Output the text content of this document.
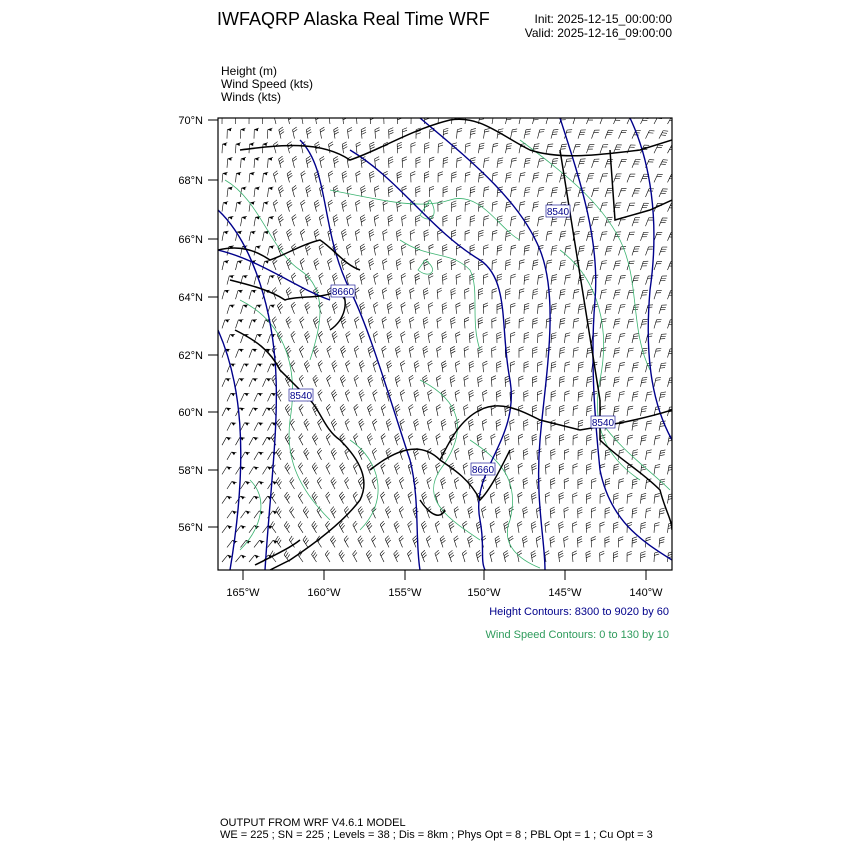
IWFAQRP Alaska Real Time WRF	Init: 2025-12-15_00:00:00
Valid: 2025-12-16_09:00:00
Height (m)
Wind Speed (kts)
Winds (kts)
8540
8660
8540
8660
8540
70°N
68°N
66°N
64°N
62°N
60°N
58°N
56°N
165°W	160°W	155°W	150°W	145°W	140°W
Height Contours: 8300 to 9020 by 60
Wind Speed Contours: 0 to 130 by 10
OUTPUT FROM WRF V4.6.1 MODEL
WE = 225 ; SN = 225 ; Levels = 38 ; Dis = 8km ; Phys Opt = 8 ; PBL Opt = 1 ; Cu Opt = 3
